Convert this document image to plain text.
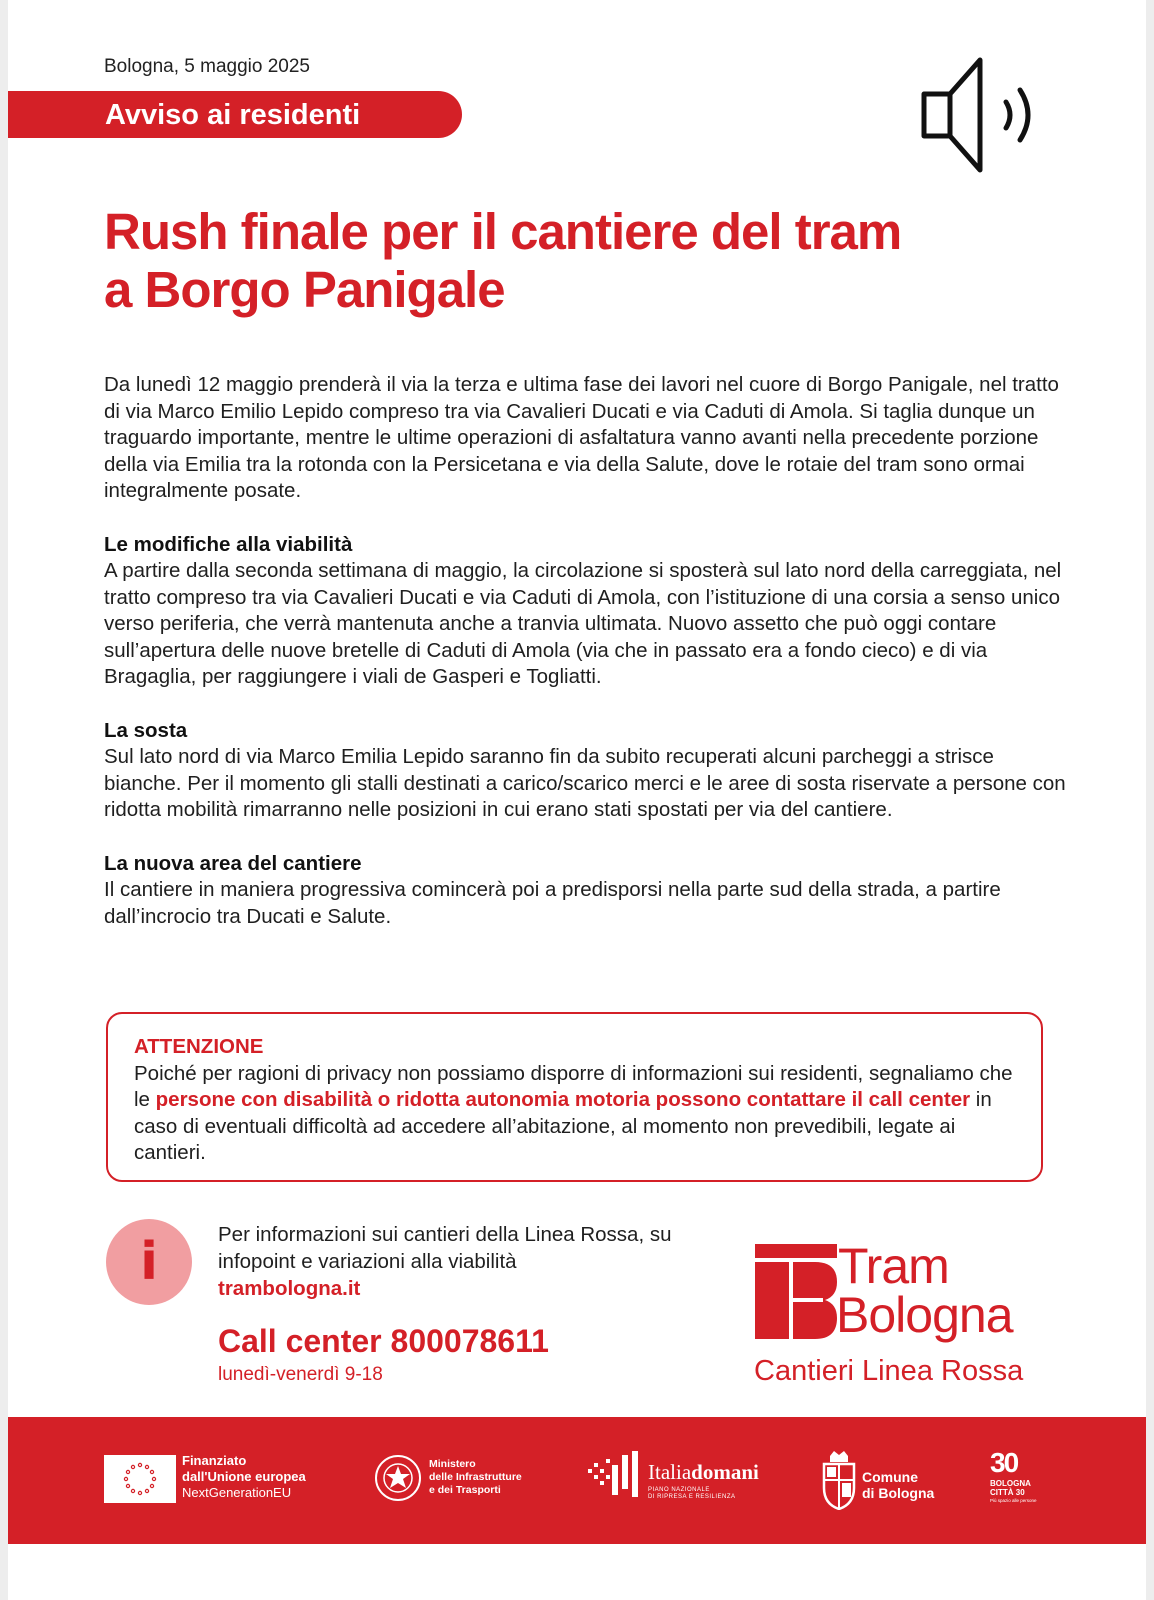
Bologna, 5 maggio 2025
Avviso ai residenti
Rush finale per il cantiere del tram
a Borgo Panigale

Da lunedì 12 maggio prenderà il via la terza e ultima fase dei lavori nel cuore di Borgo Panigale, nel tratto di via Marco Emilio Lepido compreso tra via Cavalieri Ducati e via Caduti di Amola. Si taglia dunque un traguardo importante, mentre le ultime operazioni di asfaltatura vanno avanti nella precedente porzione della via Emilia tra la rotonda con la Persicetana e via della Salute, dove le rotaie del tram sono ormai integralmente posate.

Le modifiche alla viabilità

A partire dalla seconda settimana di maggio, la circolazione si sposterà sul lato nord della carreggiata, nel tratto compreso tra via Cavalieri Ducati e via Caduti di Amola, con l’istituzione di una corsia a senso unico verso periferia, che verrà mantenuta anche a tranvia ultimata. Nuovo assetto che può oggi contare sull’apertura delle nuove bretelle di Caduti di Amola (via che in passato era a fondo cieco) e di via Bragaglia, per raggiungere i viali de Gasperi e Togliatti.

La sosta

Sul lato nord di via Marco Emilia Lepido saranno fin da subito recuperati alcuni parcheggi a strisce bianche. Per il momento gli stalli destinati a carico/scarico merci e le aree di sosta riservate a persone con ridotta mobilità rimarranno nelle posizioni in cui erano stati spostati per via del cantiere.

La nuova area del cantiere

Il cantiere in maniera progressiva comincerà poi a predisporsi nella parte sud della strada, a partire dall’incrocio tra Ducati e Salute.

ATTENZIONE
Poiché per ragioni di privacy non possiamo disporre di informazioni sui residenti, segnaliamo che le persone con disabilità o ridotta autonomia motoria possono contattare il call center in caso di eventuali difficoltà ad accedere all’abitazione, al momento non prevedibili, legate ai cantieri.
i	Per informazioni sui cantieri della Linea Rossa, su infopoint e variazioni alla viabilità
trambologna.it
Call center 800078611
lunedì-venerdì 9-18
Tram
Bologna
Cantieri Linea Rossa
Finanziato
dall'Unione europea
NextGenerationEU
Ministero
delle Infrastrutture
e dei Trasporti
Italiadomani
PIANO NAZIONALE
DI RIPRESA E RESILIENZA
Comune
di Bologna
30
BOLOGNA
CITTÀ 30
Più spazio alle persone
